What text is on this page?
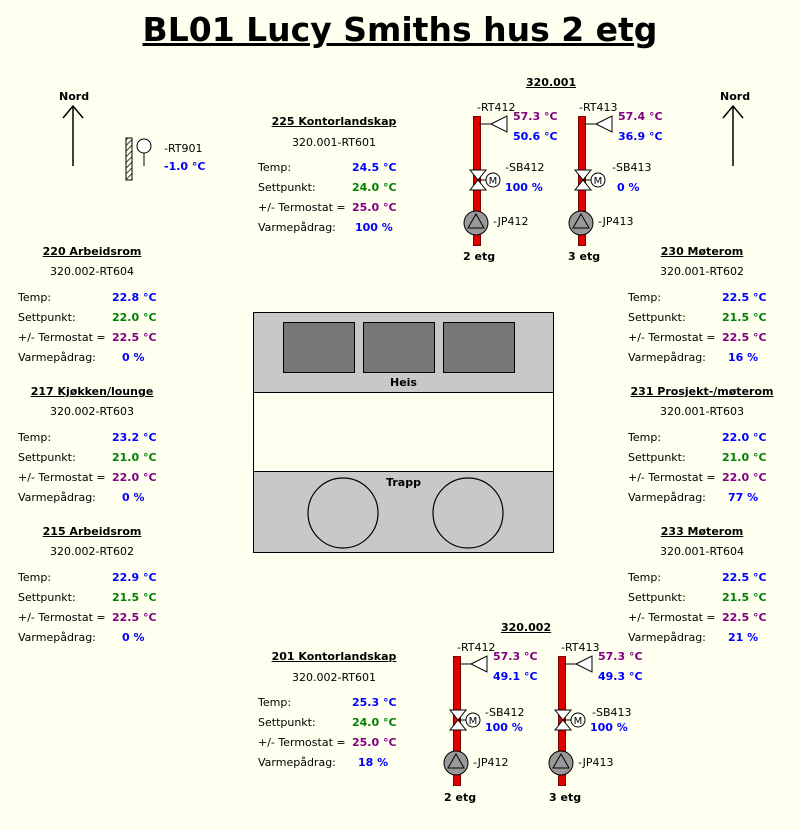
BL01 Lucy Smiths hus 2 etg
Nord	Nord
-RT901
-1.0 °C
225 Kontorlandskap
320.001-RT601
Temp:	24.5 °C
Settpunkt:	24.0 °C
+/- Termostat = 25.0 °C
Varmepådrag: 100 %
320.001
-RT412
57.3 °C
50.6 °C
M
-SB412
100 %
-JP412
2 etg
-RT413
57.4 °C
36.9 °C
M
-SB413
0 %
-JP413
3 etg
220 Arbeidsrom
320.002-RT604
Temp:	22.8 °C
Settpunkt:	22.0 °C
+/- Termostat = 22.5 °C
Varmepådrag: 0 %
217 Kjøkken/lounge
320.002-RT603
Temp:	23.2 °C
Settpunkt:	21.0 °C
+/- Termostat = 22.0 °C
Varmepådrag: 0 %
215 Arbeidsrom
320.002-RT602
Temp:	22.9 °C
Settpunkt:	21.5 °C
+/- Termostat = 22.5 °C
Varmepådrag: 0 %
230 Møterom
320.001-RT602
Temp:	22.5 °C
Settpunkt:	21.5 °C
+/- Termostat = 22.5 °C
Varmepådrag: 16 %
231 Prosjekt-/møterom
320.001-RT603
Temp:	22.0 °C
Settpunkt:	21.0 °C
+/- Termostat = 22.0 °C
Varmepådrag: 77 %
233 Møterom
320.001-RT604
Temp:	22.5 °C
Settpunkt:	21.5 °C
+/- Termostat = 22.5 °C
Varmepådrag: 21 %
Heis
Trapp
201 Kontorlandskap
320.002-RT601
Temp:	25.3 °C
Settpunkt:	24.0 °C
+/- Termostat = 25.0 °C
Varmepådrag: 18 %
320.002
-RT412
57.3 °C
49.1 °C
M
-SB412
100 %
-JP412
2 etg
-RT413
57.3 °C
49.3 °C
M
-SB413
100 %
-JP413
3 etg
